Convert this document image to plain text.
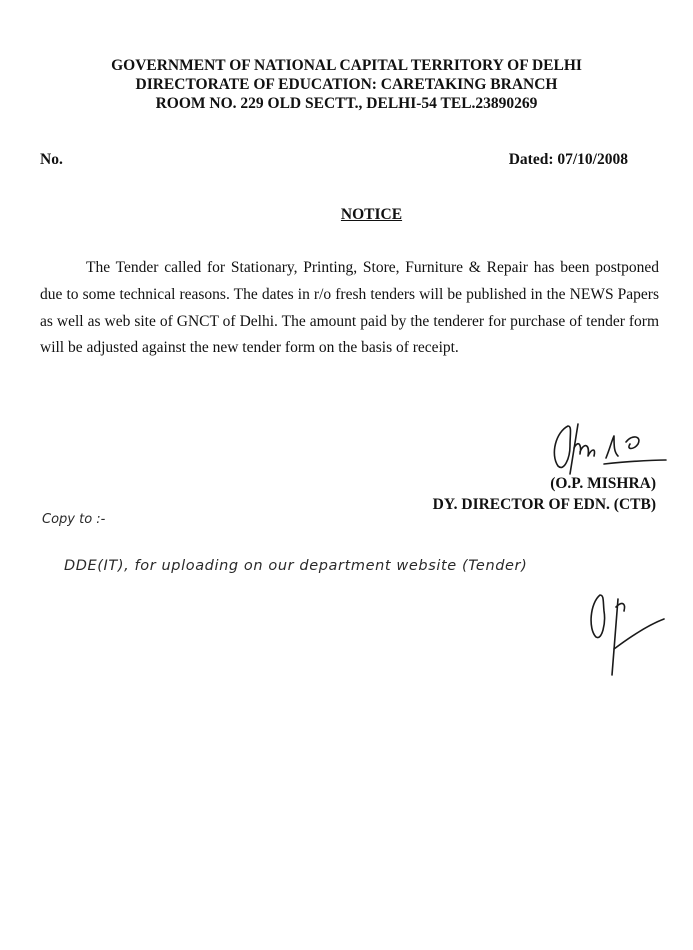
GOVERNMENT OF NATIONAL CAPITAL TERRITORY OF DELHI
DIRECTORATE OF EDUCATION: CARETAKING BRANCH
ROOM NO. 229 OLD SECTT., DELHI-54 TEL.23890269
No.	Dated: 07/10/2008
NOTICE

The Tender called for Stationary, Printing, Store, Furniture & Repair has been postponed due to some technical reasons. The dates in r/o fresh tenders will be published in the NEWS Papers as well as web site of GNCT of Delhi. The amount paid by the tenderer for purchase of tender form will be adjusted against the new tender form on the basis of receipt.

(O.P. MISHRA)
DY. DIRECTOR OF EDN. (CTB)
Copy to :-
DDE(IT), for uploading on our department website (Tender)
